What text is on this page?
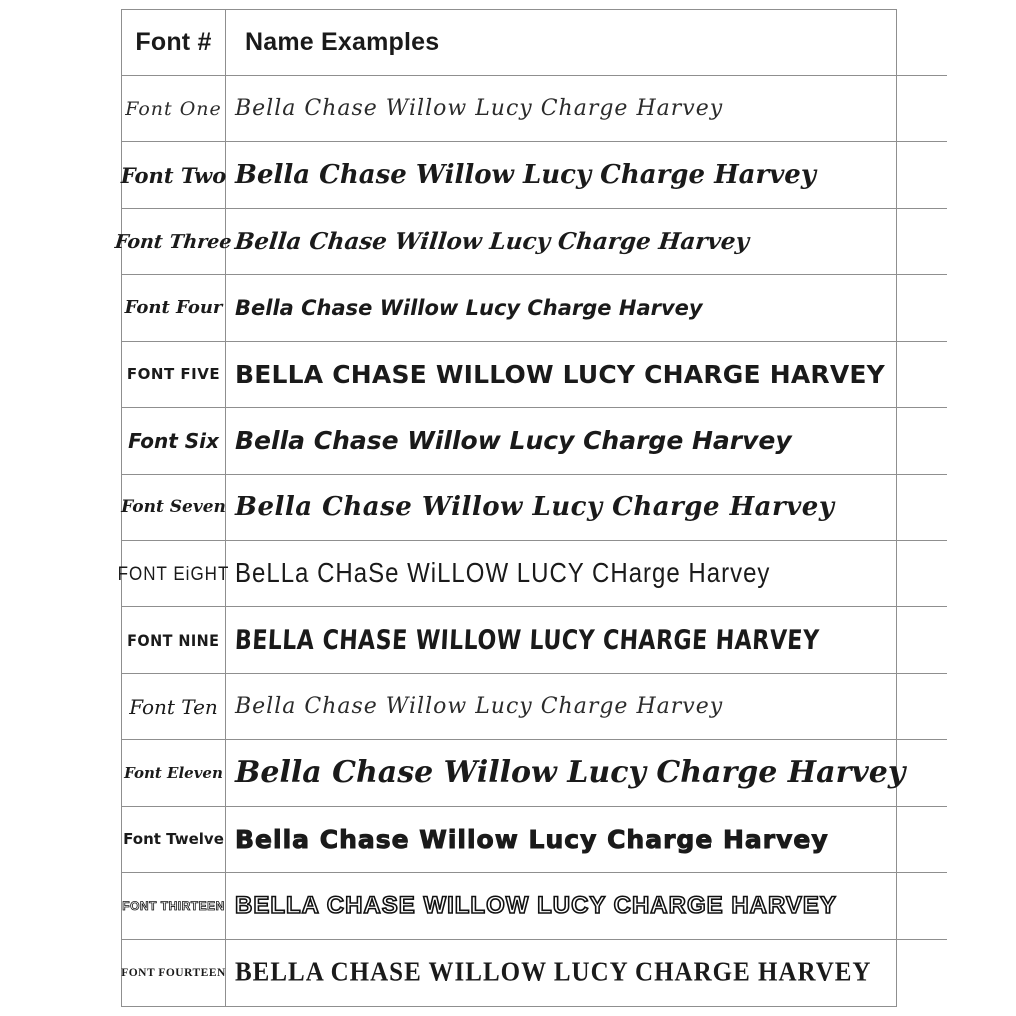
Font # Name Examples
Font One Bella Chase Willow Lucy Charge Harvey
Font Two Bella Chase Willow Lucy Charge Harvey
Font Three Bella Chase Willow Lucy Charge Harvey
Font Four Bella Chase Willow Lucy Charge Harvey
FONT FIVE BELLA CHASE WILLOW LUCY CHARGE HARVEY
Font Six Bella Chase Willow Lucy Charge Harvey
Font Seven Bella Chase Willow Lucy Charge Harvey
FONT EiGHT BeLLa CHaSe WiLLOW LUCY CHarge Harvey
FONT NINE BELLA CHASE WILLOW LUCY CHARGE HARVEY
Font Ten Bella Chase Willow Lucy Charge Harvey
Font Eleven Bella Chase Willow Lucy Charge Harvey
Font Twelve Bella Chase Willow Lucy Charge Harvey
FONT THIRTEEN BELLA CHASE WILLOW LUCY CHARGE HARVEY
FONT FOURTEEN BELLA CHASE WILLOW LUCY CHARGE HARVEY
